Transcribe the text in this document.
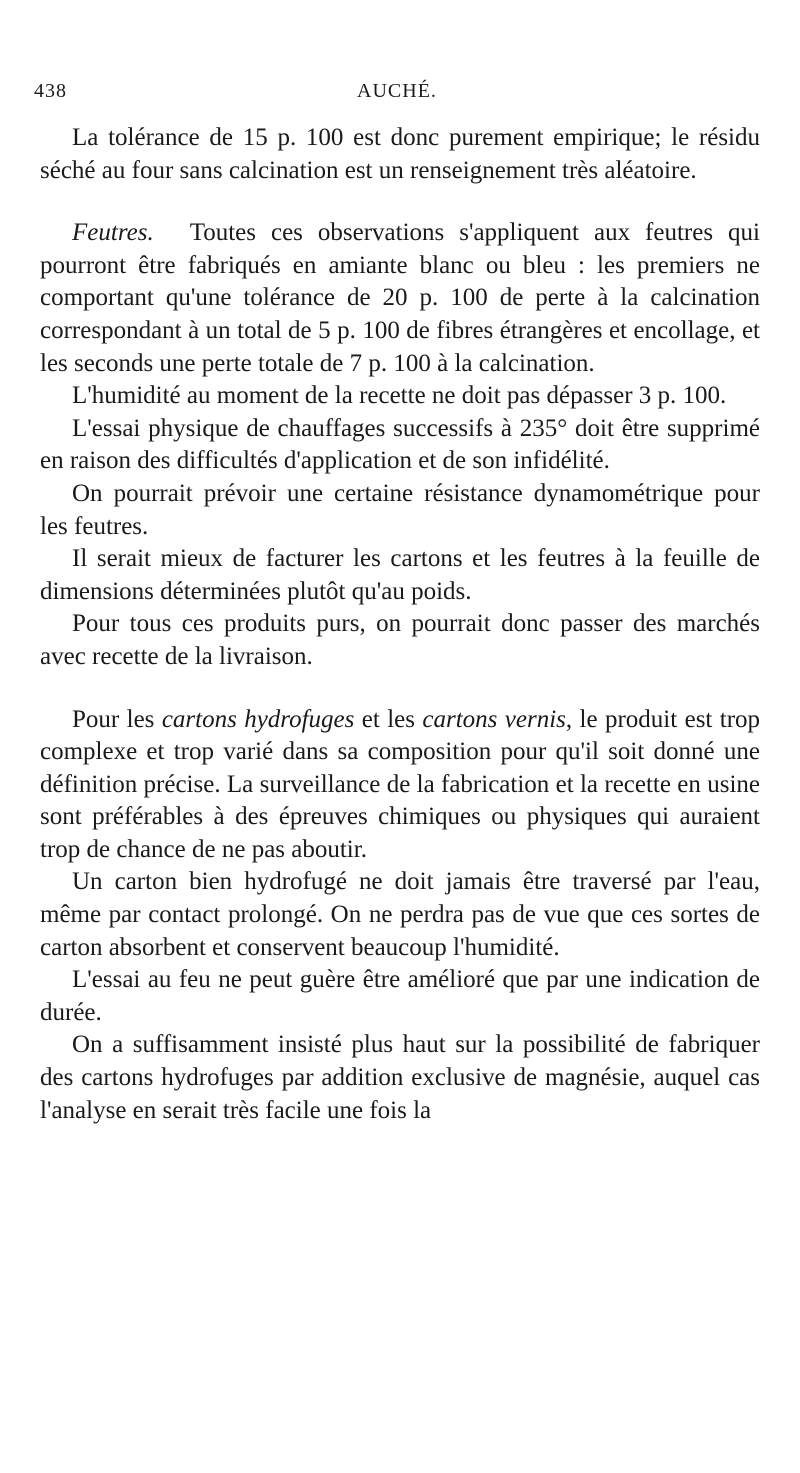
438	AUCHÉ.

La tolérance de 15 p. 100 est donc purement empirique; le résidu séché au four sans calcination est un renseignement très aléatoire.

Feutres. Toutes ces observations s'appliquent aux feutres qui pourront être fabriqués en amiante blanc ou bleu : les premiers ne comportant qu'une tolérance de 20 p. 100 de perte à la calcination correspondant à un total de 5 p. 100 de fibres étrangères et encollage, et les seconds une perte totale de 7 p. 100 à la calcination.

L'humidité au moment de la recette ne doit pas dépasser 3 p. 100.

L'essai physique de chauffages successifs à 235° doit être supprimé en raison des difficultés d'application et de son infidélité.

On pourrait prévoir une certaine résistance dynamométrique pour les feutres.

Il serait mieux de facturer les cartons et les feutres à la feuille de dimensions déterminées plutôt qu'au poids.

Pour tous ces produits purs, on pourrait donc passer des marchés avec recette de la livraison.

Pour les cartons hydrofuges et les cartons vernis, le produit est trop complexe et trop varié dans sa composition pour qu'il soit donné une définition précise. La surveillance de la fabrication et la recette en usine sont préférables à des épreuves chimiques ou physiques qui auraient trop de chance de ne pas aboutir.

Un carton bien hydrofugé ne doit jamais être traversé par l'eau, même par contact prolongé. On ne perdra pas de vue que ces sortes de carton absorbent et conservent beaucoup l'humidité.

L'essai au feu ne peut guère être amélioré que par une indication de durée.

On a suffisamment insisté plus haut sur la possibilité de fabriquer des cartons hydrofuges par addition exclusive de magnésie, auquel cas l'analyse en serait très facile une fois la
